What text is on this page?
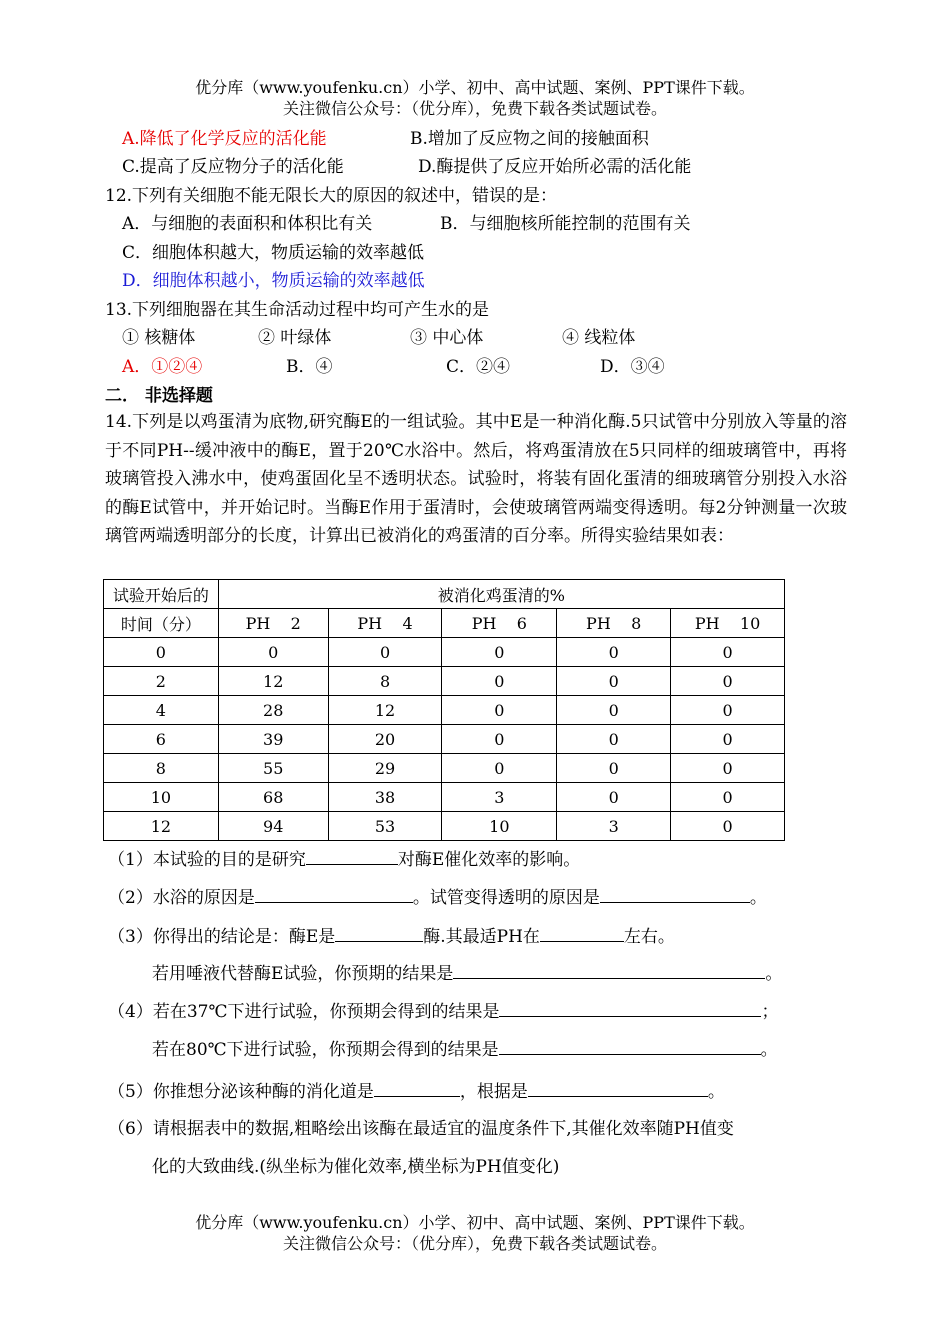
优分库（www.youfenku.cn）小学、初中、高中试题、案例、PPT课件下载。
关注微信公众号：（优分库），免费下载各类试题试卷。
A.降低了化学反应的活化能	B.增加了反应物之间的接触面积
C.提高了反应物分子的活化能	D.酶提供了反应开始所必需的活化能
12.下列有关细胞不能无限长大的原因的叙述中，错误的是：
A．与细胞的表面积和体积比有关	B．与细胞核所能控制的范围有关
C．细胞体积越大，物质运输的效率越低
D．细胞体积越小，物质运输的效率越低
13.下列细胞器在其生命活动过程中均可产生水的是
① 核糖体	② 叶绿体	③ 中心体	④ 线粒体
A．①②④	B．④	C．②④	D．③④
二． 非选择题
14.下列是以鸡蛋清为底物,研究酶E的一组试验。其中E是一种消化酶.5只试管中分别放入等量的溶于不同PH--缓冲液中的酶E，置于20℃水浴中。然后，将鸡蛋清放在5只同样的细玻璃管中，再将玻璃管投入沸水中，使鸡蛋固化呈不透明状态。试验时，将装有固化蛋清的细玻璃管分别投入水浴的酶E试管中，并开始记时。当酶E作用于蛋清时，会使玻璃管两端变得透明。每2分钟测量一次玻璃管两端透明部分的长度，计算出已被消化的鸡蛋清的百分率。所得实验结果如表：
试验开始后的	被消化鸡蛋清的%				
时间（分）	PH    2	PH    4	PH    6	PH    8	PH    10
0	0	0	0	0	0
2	12	8	0	0	0
4	28	12	0	0	0
6	39	20	0	0	0
8	55	29	0	0	0
10	68	38	3	0	0
12	94	53	10	3	0
（1）本试验的目的是研究	对酶E催化效率的影响。
（2）水浴的原因是	。试管变得透明的原因是	。
（3）你得出的结论是：酶E是	酶.其最适PH在	左右。
若用唾液代替酶E试验，你预期的结果是	。
（4）若在37℃下进行试验，你预期会得到的结果是	；
若在80℃下进行试验，你预期会得到的结果是	。
（5）你推想分泌该种酶的消化道是	，根据是	。
（6）请根据表中的数据,粗略绘出该酶在最适宜的温度条件下,其催化效率随PH值变
化的大致曲线.(纵坐标为催化效率,横坐标为PH值变化)
优分库（www.youfenku.cn）小学、初中、高中试题、案例、PPT课件下载。
关注微信公众号：（优分库），免费下载各类试题试卷。
